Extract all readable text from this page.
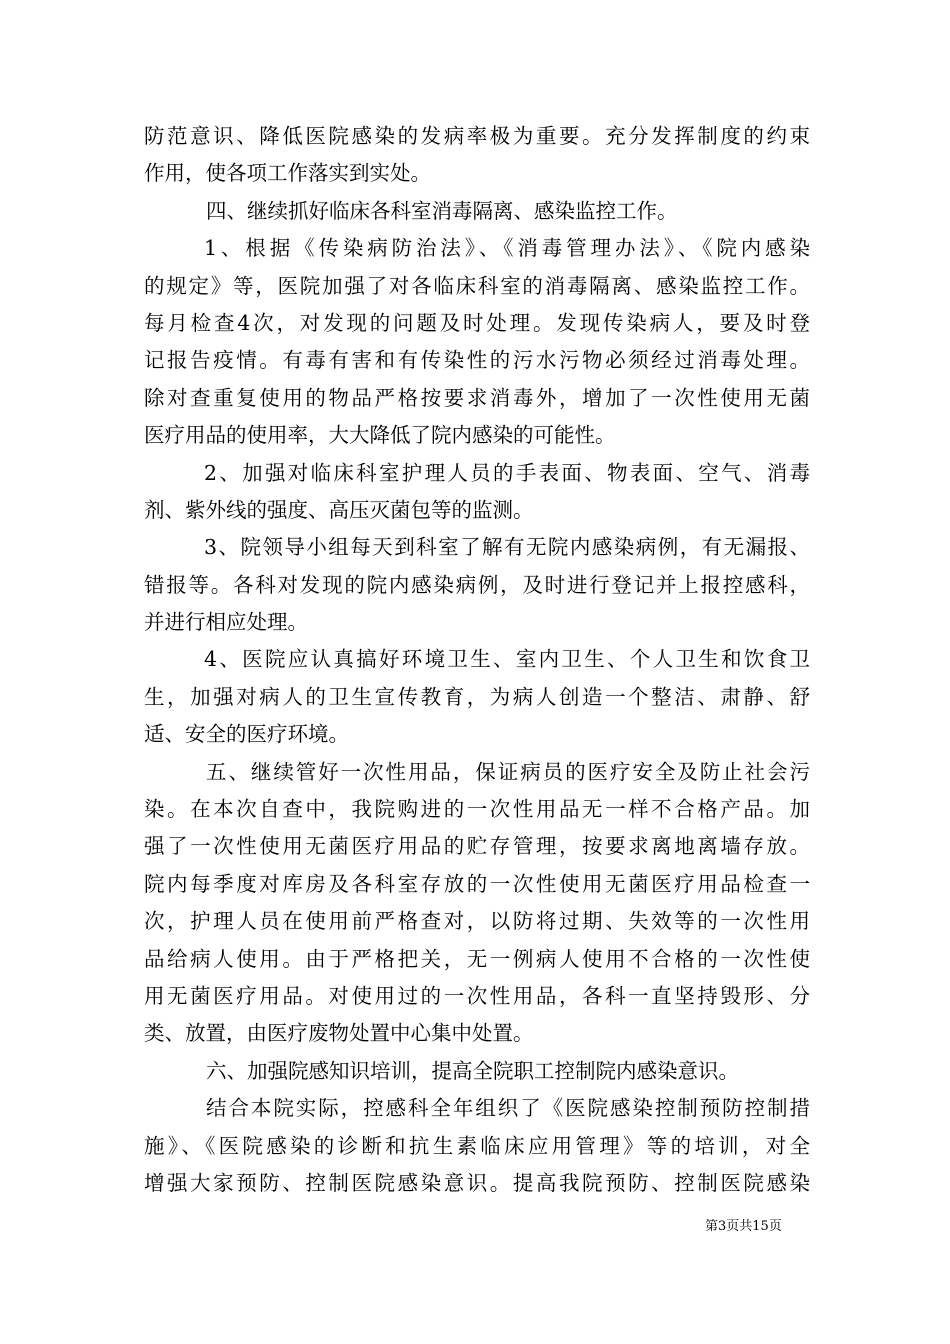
防范意识、降低医院感染的发病率极为重要。充分发挥制度的约束
作用，使各项工作落实到实处。
四、继续抓好临床各科室消毒隔离、感染监控工作。
1、根据《传染病防治法》、《消毒管理办法》、《院内感染
的规定》等，医院加强了对各临床科室的消毒隔离、感染监控工作。
每月检查4次，对发现的问题及时处理。发现传染病人，要及时登
记报告疫情。有毒有害和有传染性的污水污物必须经过消毒处理。
除对查重复使用的物品严格按要求消毒外，增加了一次性使用无菌
医疗用品的使用率，大大降低了院内感染的可能性。
2、加强对临床科室护理人员的手表面、物表面、空气、消毒
剂、紫外线的强度、高压灭菌包等的监测。
3、院领导小组每天到科室了解有无院内感染病例，有无漏报、
错报等。各科对发现的院内感染病例，及时进行登记并上报控感科，
并进行相应处理。
4、医院应认真搞好环境卫生、室内卫生、个人卫生和饮食卫
生，加强对病人的卫生宣传教育，为病人创造一个整洁、肃静、舒
适、安全的医疗环境。
五、继续管好一次性用品，保证病员的医疗安全及防止社会污
染。在本次自查中，我院购进的一次性用品无一样不合格产品。加
强了一次性使用无菌医疗用品的贮存管理，按要求离地离墙存放。
院内每季度对库房及各科室存放的一次性使用无菌医疗用品检查一
次，护理人员在使用前严格查对，以防将过期、失效等的一次性用
品给病人使用。由于严格把关，无一例病人使用不合格的一次性使
用无菌医疗用品。对使用过的一次性用品，各科一直坚持毁形、分
类、放置，由医疗废物处置中心集中处置。
六、加强院感知识培训，提高全院职工控制院内感染意识。
结合本院实际，控感科全年组织了《医院感染控制预防控制措
施》、《医院感染的诊断和抗生素临床应用管理》等的培训，对全
增强大家预防、控制医院感染意识。提高我院预防、控制医院感染
第3页共15页
